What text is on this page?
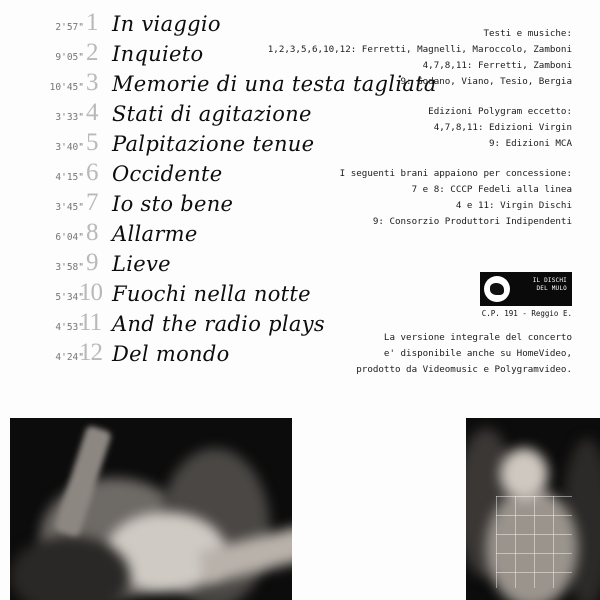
2'57" 1 In viaggio
9'05" 2 Inquieto
10'45" 3 Memorie di una testa tagliata
3'33" 4 Stati di agitazione
3'40" 5 Palpitazione tenue
4'15" 6 Occidente
3'45" 7 Io sto bene
6'04" 8 Allarme
3'58" 9 Lieve
5'34"
10 Fuochi nella notte
4'53"
11 And the radio plays
4'24"
12 Del mondo
Testi e musiche:
1,2,3,5,6,10,12: Ferretti, Magnelli, Maroccolo, Zamboni
4,7,8,11: Ferretti, Zamboni
9: Godano, Viano, Tesio, Bergia
Edizioni Polygram eccetto:
4,7,8,11: Edizioni Virgin
9: Edizioni MCA
I seguenti brani appaiono per concessione:
7 e 8: CCCP Fedeli alla linea
4 e 11: Virgin Dischi
9: Consorzio Produttori Indipendenti
IL DISCHI
DEL MULO
C.P. 191 - Reggio E.
La versione integrale del concerto
e' disponibile anche su HomeVideo,
prodotto da Videomusic e Polygramvideo.
